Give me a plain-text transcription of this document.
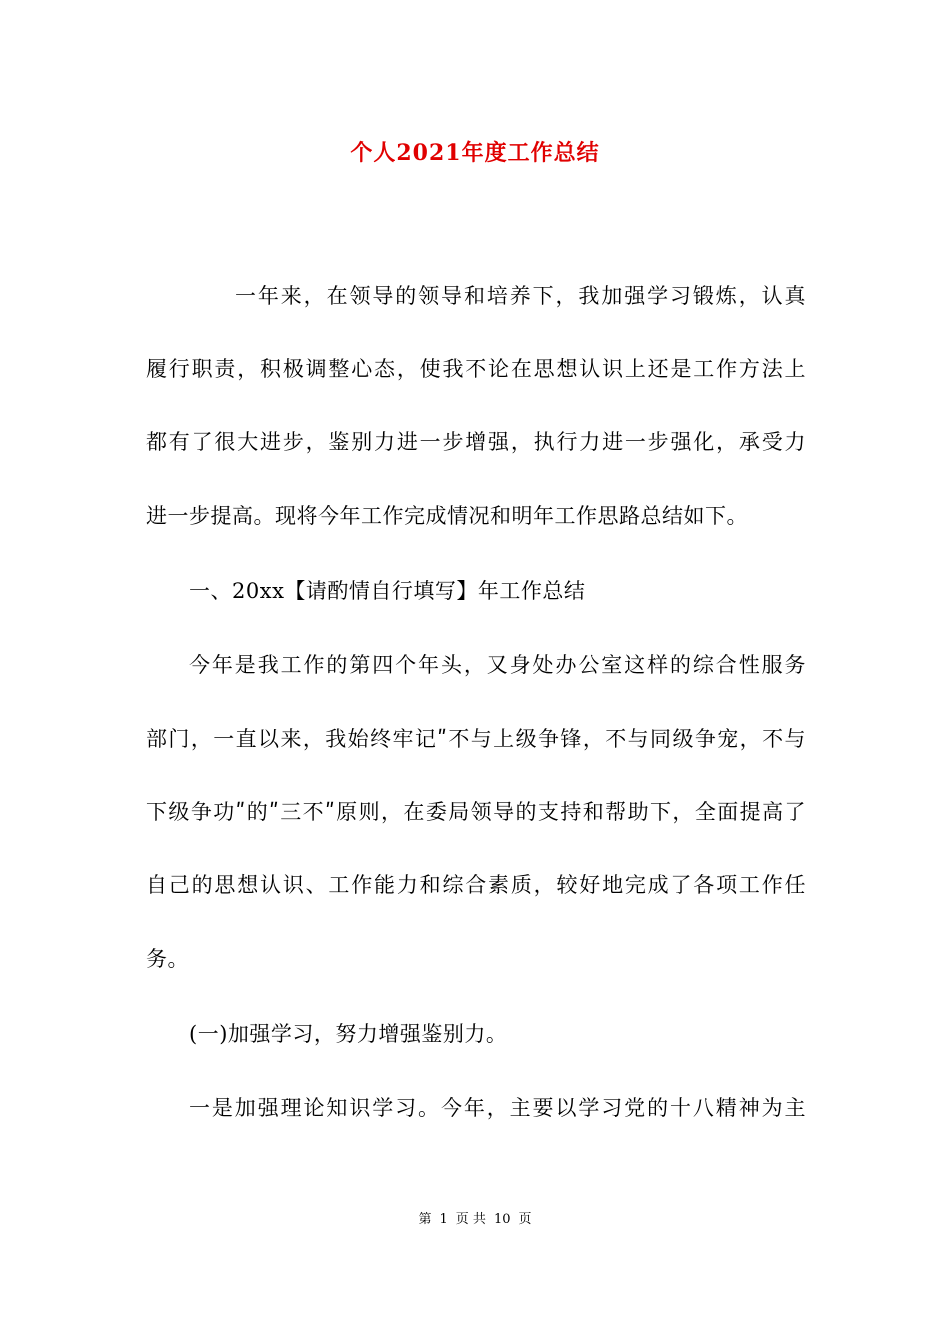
个人2021年度工作总结
一年来，在领导的领导和培养下，我加强学习锻炼，认真
履行职责，积极调整心态，使我不论在思想认识上还是工作方法上
都有了很大进步，鉴别力进一步增强，执行力进一步强化，承受力
进一步提高。现将今年工作完成情况和明年工作思路总结如下。
一、20xx【请酌情自行填写】年工作总结
今年是我工作的第四个年头，又身处办公室这样的综合性服务
部门，一直以来，我始终牢记ʺ不与上级争锋，不与同级争宠，不与
下级争功ʺ的ʺ三不ʺ原则，在委局领导的支持和帮助下，全面提高了
自己的思想认识、工作能力和综合素质，较好地完成了各项工作任
务。
(一)加强学习，努力增强鉴别力。
一是加强理论知识学习。今年，主要以学习党的十八精神为主
第 1 页 共 10 页
